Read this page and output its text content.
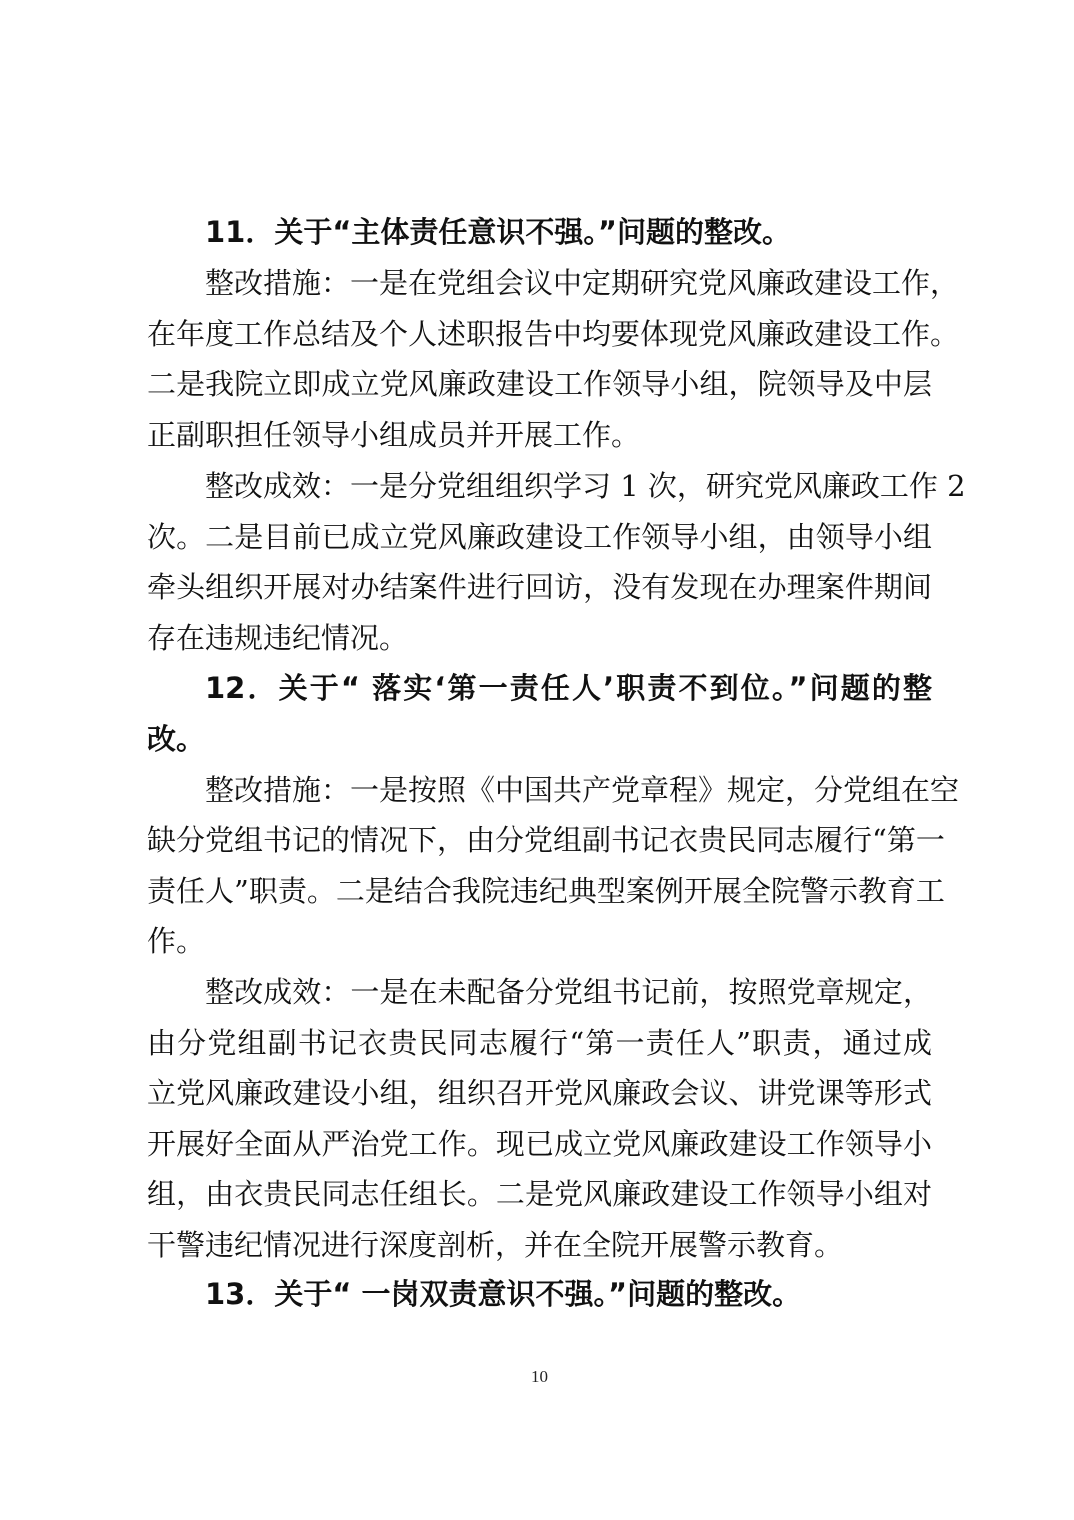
11．关于“主体责任意识不强。”问题的整改。
整改措施：一是在党组会议中定期研究党风廉政建设工作，
在年度工作总结及个人述职报告中均要体现党风廉政建设工作。
二是我院立即成立党风廉政建设工作领导小组，院领导及中层
正副职担任领导小组成员并开展工作。
整改成效：一是分党组组织学习 1 次，研究党风廉政工作 2
次。二是目前已成立党风廉政建设工作领导小组，由领导小组
牵头组织开展对办结案件进行回访，没有发现在办理案件期间
存在违规违纪情况。
12．关于“ 落实‘第一责任人’职责不到位。”问题的整
改。
整改措施：一是按照《中国共产党章程》规定，分党组在空
缺分党组书记的情况下，由分党组副书记衣贵民同志履行“第一
责任人”职责。二是结合我院违纪典型案例开展全院警示教育工
作。
整改成效：一是在未配备分党组书记前，按照党章规定，
由分党组副书记衣贵民同志履行“第一责任人”职责，通过成
立党风廉政建设小组，组织召开党风廉政会议、讲党课等形式
开展好全面从严治党工作。现已成立党风廉政建设工作领导小
组，由衣贵民同志任组长。二是党风廉政建设工作领导小组对
干警违纪情况进行深度剖析，并在全院开展警示教育。
13．关于“ 一岗双责意识不强。”问题的整改。
10
